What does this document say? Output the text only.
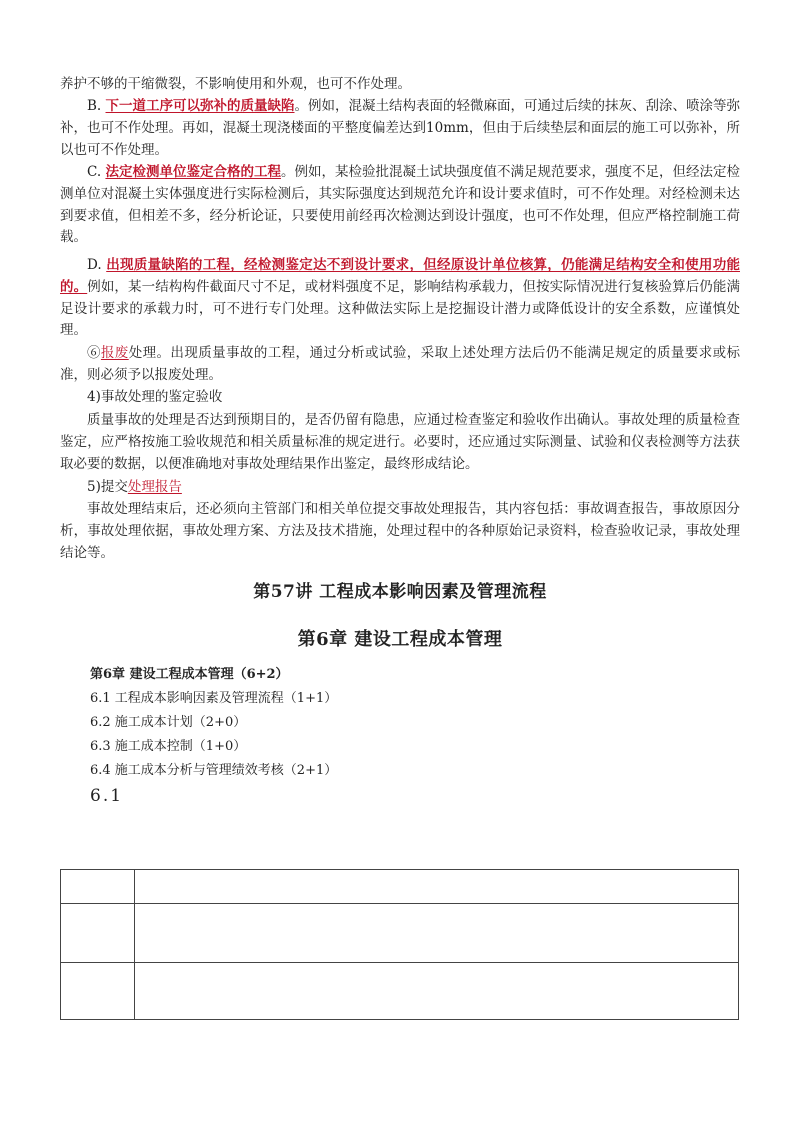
养护不够的干缩微裂，不影响使用和外观，也可不作处理。

B. 下一道工序可以弥补的质量缺陷。例如，混凝土结构表面的轻微麻面，可通过后续的抹灰、刮涂、喷涂等弥补，也可不作处理。再如，混凝土现浇楼面的平整度偏差达到10mm，但由于后续垫层和面层的施工可以弥补，所以也可不作处理。

C. 法定检测单位鉴定合格的工程。例如，某检验批混凝土试块强度值不满足规范要求，强度不足，但经法定检测单位对混凝土实体强度进行实际检测后，其实际强度达到规范允许和设计要求值时，可不作处理。对经检测未达到要求值，但相差不多，经分析论证，只要使用前经再次检测达到设计强度，也可不作处理，但应严格控制施工荷载。

D. 出现质量缺陷的工程，经检测鉴定达不到设计要求，但经原设计单位核算，仍能满足结构安全和使用功能的。例如，某一结构构件截面尺寸不足，或材料强度不足，影响结构承载力，但按实际情况进行复核验算后仍能满足设计要求的承载力时，可不进行专门处理。这种做法实际上是挖掘设计潜力或降低设计的安全系数，应谨慎处理。

⑥报废处理。出现质量事故的工程，通过分析或试验，采取上述处理方法后仍不能满足规定的质量要求或标准，则必须予以报废处理。

4)事故处理的鉴定验收

质量事故的处理是否达到预期目的，是否仍留有隐患，应通过检查鉴定和验收作出确认。事故处理的质量检查鉴定，应严格按施工验收规范和相关质量标准的规定进行。必要时，还应通过实际测量、试验和仪表检测等方法获取必要的数据，以便准确地对事故处理结果作出鉴定，最终形成结论。

5)提交处理报告

事故处理结束后，还必须向主管部门和相关单位提交事故处理报告，其内容包括：事故调查报告，事故原因分析，事故处理依据，事故处理方案、方法及技术措施，处理过程中的各种原始记录资料，检查验收记录，事故处理结论等。

第57讲 工程成本影响因素及管理流程
第6章 建设工程成本管理

第6章 建设工程成本管理（6+2）

6.1 工程成本影响因素及管理流程（1+1）

6.2 施工成本计划（2+0）

6.3 施工成本控制（1+0）

6.4 施工成本分析与管理绩效考核（2+1）

6.1
